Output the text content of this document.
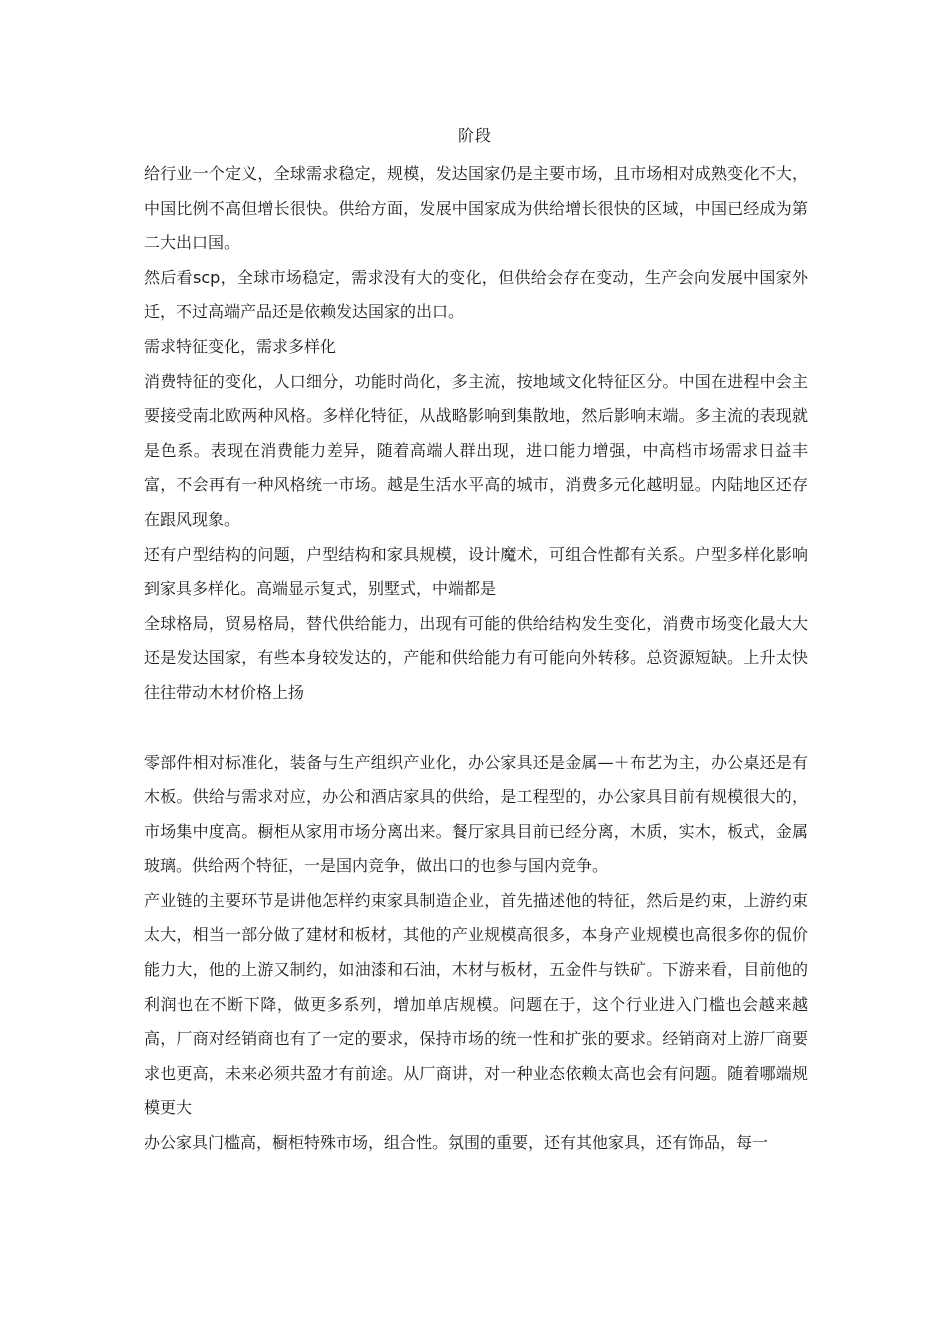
阶段

给行业一个定义，全球需求稳定，规模，发达国家仍是主要市场，且市场相对成熟变化不大，中国比例不高但增长很快。供给方面，发展中国家成为供给增长很快的区域，中国已经成为第二大出口国。

然后看scp，全球市场稳定，需求没有大的变化，但供给会存在变动，生产会向发展中国家外迁，不过高端产品还是依赖发达国家的出口。

需求特征变化，需求多样化

消费特征的变化，人口细分，功能时尚化，多主流，按地域文化特征区分。中国在进程中会主要接受南北欧两种风格。多样化特征，从战略影响到集散地，然后影响末端。多主流的表现就是色系。表现在消费能力差异，随着高端人群出现，进口能力增强，中高档市场需求日益丰富，不会再有一种风格统一市场。越是生活水平高的城市，消费多元化越明显。内陆地区还存在跟风现象。

还有户型结构的问题，户型结构和家具规模，设计魔术，可组合性都有关系。户型多样化影响到家具多样化。高端显示复式，别墅式，中端都是

全球格局，贸易格局，替代供给能力，出现有可能的供给结构发生变化，消费市场变化最大大还是发达国家，有些本身较发达的，产能和供给能力有可能向外转移。总资源短缺。上升太快往往带动木材价格上扬

零部件相对标准化，装备与生产组织产业化，办公家具还是金属—＋布艺为主，办公桌还是有木板。供给与需求对应，办公和酒店家具的供给，是工程型的，办公家具目前有规模很大的，市场集中度高。橱柜从家用市场分离出来。餐厅家具目前已经分离，木质，实木，板式，金属玻璃。供给两个特征，一是国内竞争，做出口的也参与国内竞争。

产业链的主要环节是讲他怎样约束家具制造企业，首先描述他的特征，然后是约束，上游约束太大，相当一部分做了建材和板材，其他的产业规模高很多，本身产业规模也高很多你的侃价能力大，他的上游又制约，如油漆和石油，木材与板材，五金件与铁矿。下游来看，目前他的利润也在不断下降，做更多系列，增加单店规模。问题在于，这个行业进入门槛也会越来越高，厂商对经销商也有了一定的要求，保持市场的统一性和扩张的要求。经销商对上游厂商要求也更高，未来必须共盈才有前途。从厂商讲，对一种业态依赖太高也会有问题。随着哪端规模更大

办公家具门槛高，橱柜特殊市场，组合性。氛围的重要，还有其他家具，还有饰品，每一
